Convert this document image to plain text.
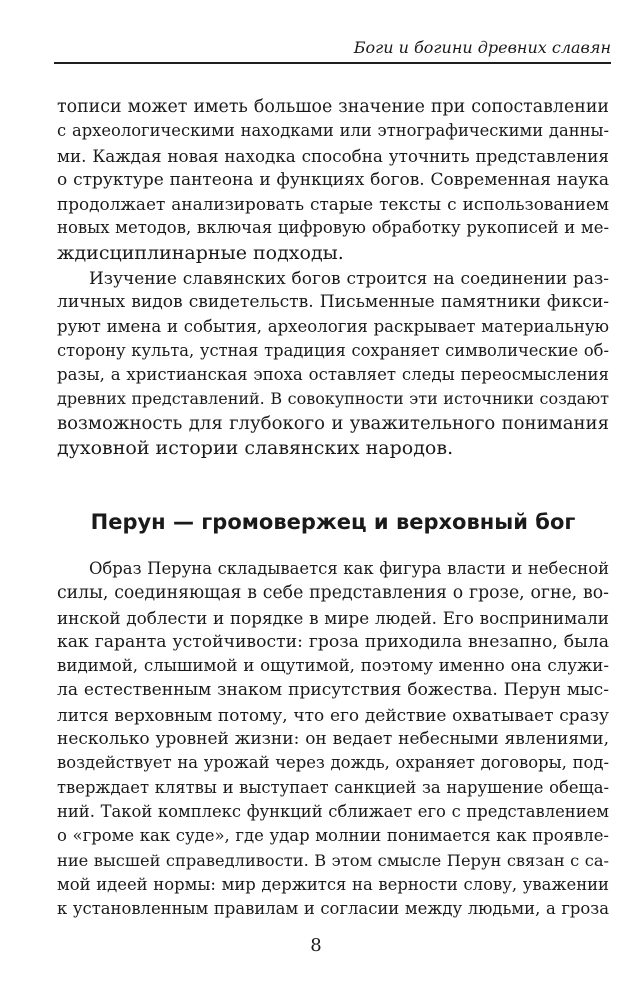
Боги и богини древних славян
тописи может иметь большое значение при сопоставлении
с археологическими находками или этнографическими данны-
ми. Каждая новая находка способна уточнить представления
о структуре пантеона и функциях богов. Современная наука
продолжает анализировать старые тексты с использованием
новых методов, включая цифровую обработку рукописей и ме-
ждисциплинарные подходы.
Изучение славянских богов строится на соединении раз-
личных видов свидетельств. Письменные памятники фикси-
руют имена и события, археология раскрывает материальную
сторону культа, устная традиция сохраняет символические об-
разы, а христианская эпоха оставляет следы переосмысления
древних представлений. В совокупности эти источники создают
возможность для глубокого и уважительного понимания
духовной истории славянских народов.
Перун — громовержец и верховный бог
Образ Перуна складывается как фигура власти и небесной
силы, соединяющая в себе представления о грозе, огне, во-
инской доблести и порядке в мире людей. Его воспринимали
как гаранта устойчивости: гроза приходила внезапно, была
видимой, слышимой и ощутимой, поэтому именно она служи-
ла естественным знаком присутствия божества. Перун мыс-
лится верховным потому, что его действие охватывает сразу
несколько уровней жизни: он ведает небесными явлениями,
воздействует на урожай через дождь, охраняет договоры, под-
тверждает клятвы и выступает санкцией за нарушение обеща-
ний. Такой комплекс функций сближает его с представлением
о «громе как суде», где удар молнии понимается как проявле-
ние высшей справедливости. В этом смысле Перун связан с са-
мой идеей нормы: мир держится на верности слову, уважении
к установленным правилам и согласии между людьми, а гроза
8
